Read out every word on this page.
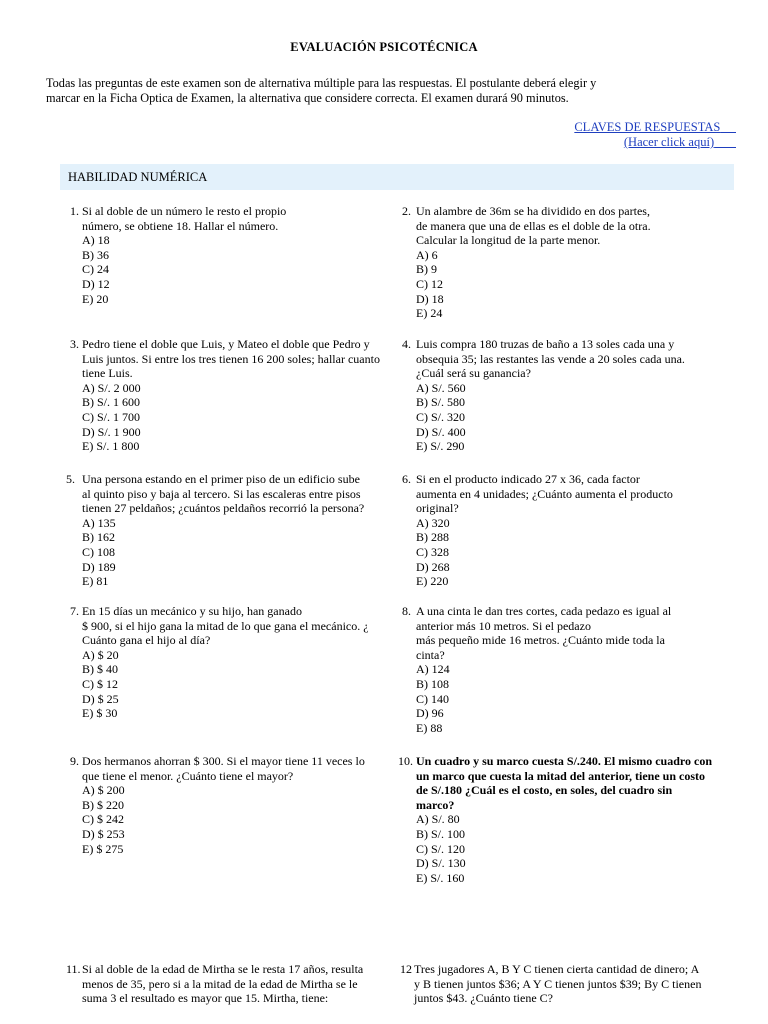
EVALUACIÓN PSICOTÉCNICA
Todas las preguntas de este examen son de alternativa múltiple para las respuestas. El postulante deberá elegir y
marcar en la Ficha Optica de Examen, la alternativa que considere correcta. El examen durará 90 minutos.
CLAVES DE RESPUESTAS
(Hacer click aquí)
HABILIDAD NUMÉRICA
1. Si al doble de un número le resto el propio
número, se obtiene 18. Hallar el número.
A) 18
B) 36
C) 24
D) 12
E) 20
2. Un alambre de 36m se ha dividido en dos partes,
de manera que una de ellas es el doble de la otra.
Calcular la longitud de la parte menor.
A) 6
B) 9
C) 12
D) 18
E) 24
3. Pedro tiene el doble que Luis, y Mateo el doble que Pedro y
Luis juntos. Si entre los tres tienen 16 200 soles; hallar cuanto
tiene Luis.
A) S/. 2 000
B) S/. 1 600
C) S/. 1 700
D) S/. 1 900
E) S/. 1 800
4. Luis compra 180 truzas de baño a 13 soles cada una y
obsequia 35; las restantes las vende a 20 soles cada una.
¿Cuál será su ganancia?
A) S/. 560
B) S/. 580
C) S/. 320
D) S/. 400
E) S/. 290
5. Una persona estando en el primer piso de un edificio sube
al quinto piso y baja al tercero. Si las escaleras entre pisos
tienen 27 peldaños; ¿cuántos peldaños recorrió la persona?
A) 135
B) 162
C) 108
D) 189
E) 81
6. Si en el producto indicado 27 x 36, cada factor
aumenta en 4 unidades; ¿Cuánto aumenta el producto
original?
A) 320
B) 288
C) 328
D) 268
E) 220
7. En 15 días un mecánico y su hijo, han ganado
$ 900, si el hijo gana la mitad de lo que gana el mecánico. ¿
Cuánto gana el hijo al día?
A) $ 20
B) $ 40
C) $ 12
D) $ 25
E) $ 30
8. A una cinta le dan tres cortes, cada pedazo es igual al
anterior más 10 metros. Si el pedazo
más pequeño mide 16 metros. ¿Cuánto mide toda la
cinta?
A) 124
B) 108
C) 140
D) 96
E) 88
9. Dos hermanos ahorran $ 300. Si el mayor tiene 11 veces lo
que tiene el menor. ¿Cuánto tiene el mayor?
A) $ 200
B) $ 220
C) $ 242
D) $ 253
E) $ 275
10. Un cuadro y su marco cuesta S/.240. El mismo cuadro con
un marco que cuesta la mitad del anterior, tiene un costo
de S/.180 ¿Cuál es el costo, en soles, del cuadro sin
marco?
A) S/. 80
B) S/. 100
C) S/. 120
D) S/. 130
E) S/. 160
11. Si al doble de la edad de Mirtha se le resta 17 años, resulta
menos de 35, pero si a la mitad de la edad de Mirtha se le
suma 3 el resultado es mayor que 15. Mirtha, tiene:
12 Tres jugadores A, B Y C tienen cierta cantidad de dinero; A
y B tienen juntos $36; A Y C tienen juntos $39; By C tienen
juntos $43. ¿Cuánto tiene C?
